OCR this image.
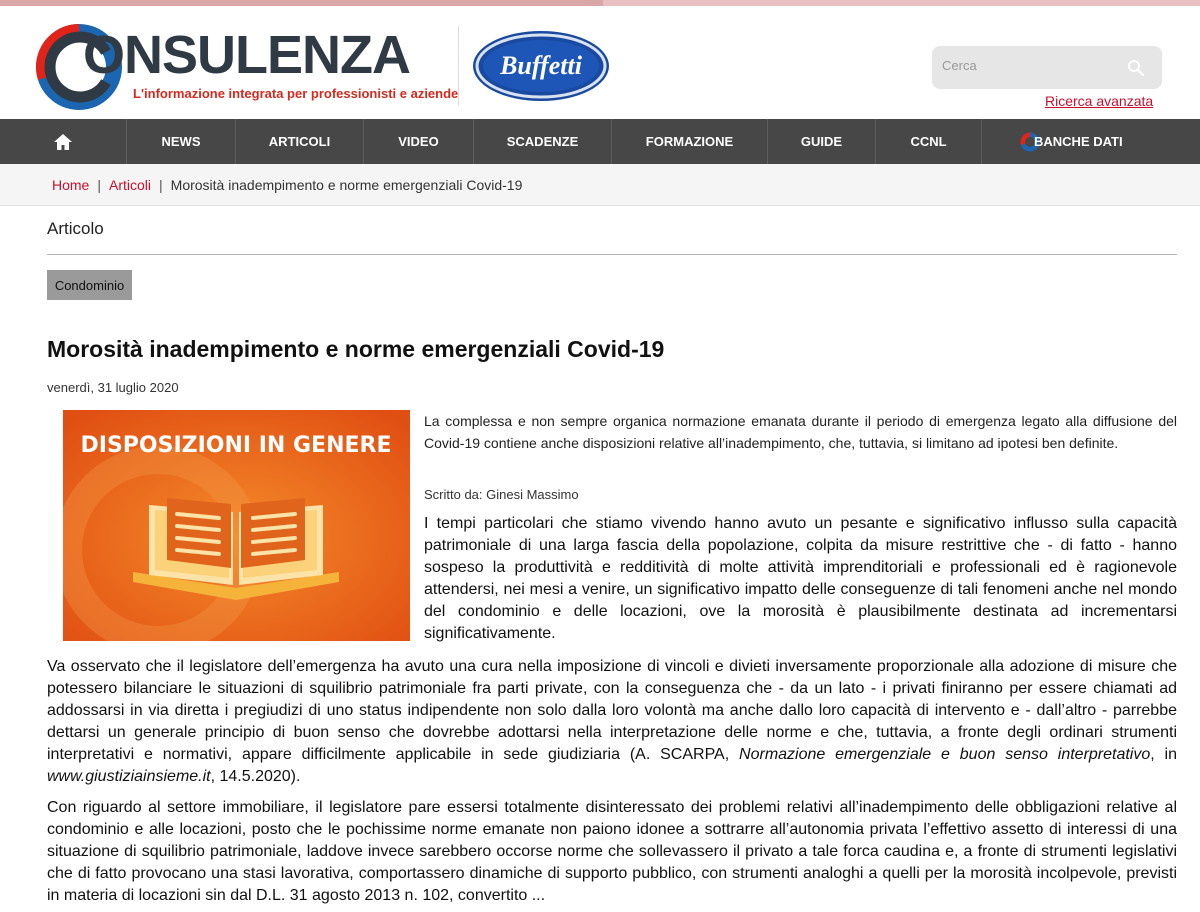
ONSULENZA
L'informazione integrata per professionisti e aziende
Buffetti
Cerca
Ricerca avanzata
NEWS	ARTICOLI	VIDEO	SCADENZE	FORMAZIONE	GUIDE	CCNL	BANCHE DATI
Home | Articoli | Morosità inadempimento e norme emergenziali Covid-19
Articolo
Condominio
Morosità inadempimento e norme emergenziali Covid-19
venerdì, 31 luglio 2020
DISPOSIZIONI IN GENERE

La complessa e non sempre organica normazione emanata durante il periodo di emergenza legato alla diffusione del Covid-19 contiene anche disposizioni relative all’inadempimento, che, tuttavia, si limitano ad ipotesi ben definite.

Scritto da: Ginesi Massimo

I tempi particolari che stiamo vivendo hanno avuto un pesante e significativo influsso sulla capacità patrimoniale di una larga fascia della popolazione, colpita da misure restrittive che - di fatto - hanno sospeso la produttività e redditività di molte attività imprenditoriali e professionali ed è ragionevole attendersi, nei mesi a venire, un significativo impatto delle conseguenze di tali fenomeni anche nel mondo del condominio e delle locazioni, ove la morosità è plausibilmente destinata ad incrementarsi significativamente.

Va osservato che il legislatore dell’emergenza ha avuto una cura nella imposizione di vincoli e divieti inversamente proporzionale alla adozione di misure che potessero bilanciare le situazioni di squilibrio patrimoniale fra parti private, con la conseguenza che - da un lato - i privati finiranno per essere chiamati ad addossarsi in via diretta i pregiudizi di uno status indipendente non solo dalla loro volontà ma anche dallo loro capacità di intervento e - dall’altro - parrebbe dettarsi un generale principio di buon senso che dovrebbe adottarsi nella interpretazione delle norme e che, tuttavia, a fronte degli ordinari strumenti interpretativi e normativi, appare difficilmente applicabile in sede giudiziaria (A. SCARPA, Normazione emergenziale e buon senso interpretativo, in www.giustiziainsieme.it, 14.5.2020).

Con riguardo al settore immobiliare, il legislatore pare essersi totalmente disinteressato dei problemi relativi all’inadempimento delle obbligazioni relative al condominio e alle locazioni, posto che le pochissime norme emanate non paiono idonee a sottrarre all’autonomia privata l’effettivo assetto di interessi di una situazione di squilibrio patrimoniale, laddove invece sarebbero occorse norme che sollevassero il privato a tale forca caudina e, a fronte di strumenti legislativi che di fatto provocano una stasi lavorativa, comportassero dinamiche di supporto pubblico, con strumenti analoghi a quelli per la morosità incolpevole, previsti in materia di locazioni sin dal D.L. 31 agosto 2013 n. 102, convertito ...
